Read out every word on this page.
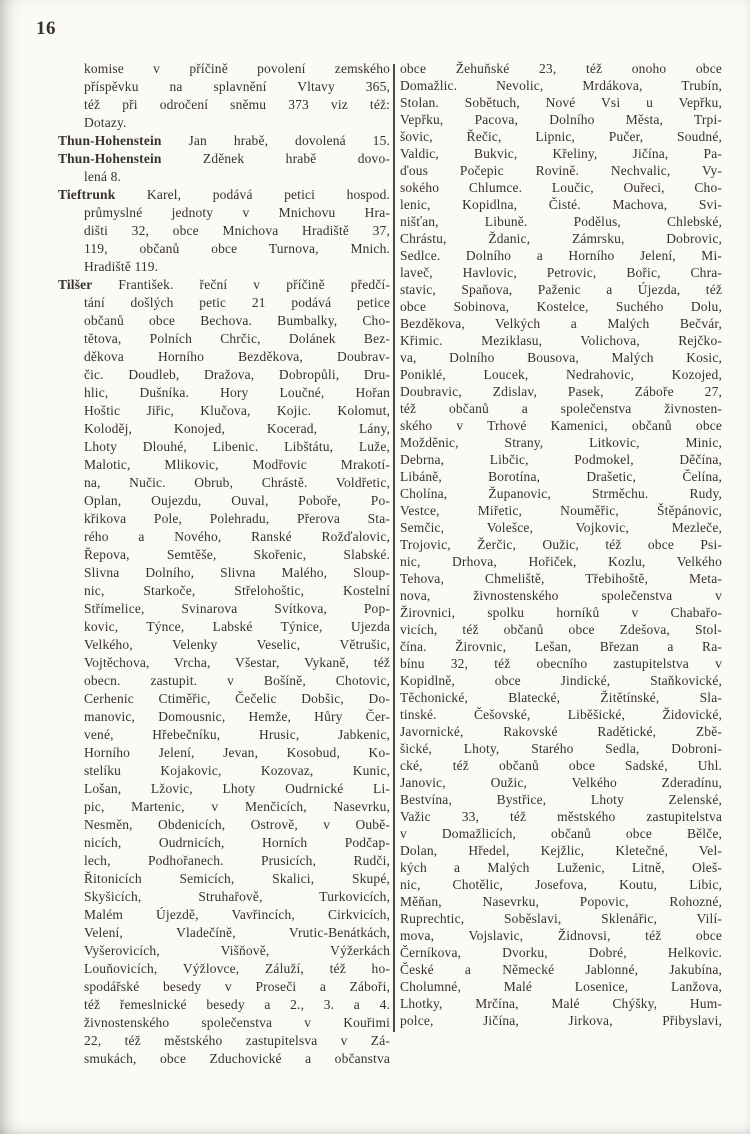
16
komise v příčině povolení zemského
příspěvku na splavnění Vltavy 365,
též při odročení sněmu 373 viz též:
Dotazy.
Thun-Hohenstein Jan hrabě, dovolená 15.
Thun-Hohenstein	Zděnek hrabě dovo-
lená 8.
Tieftrunk Karel, podává petici hospod.
průmyslné jednoty v Mnichovu Hra-
dišti 32, obce Mnichova Hradiště 37,
119, občanů obce Turnova, Mnich.
Hradiště 119.
Tilšer František. řeční v příčině předčí-
tání došlých petic 21 podává petice
občanů obce Bechova. Bumbalky, Cho-
tětova, Polních Chrčic, Dolánek Bez-
děkova Horního Bezděkova, Doubrav-
čic. Doudleb, Dražova, Dobropůli, Dru-
hlic, Dušníka. Hory Loučné, Hořan
Hoštic Jiřic, Klučova, Kojic. Kolomut,
Koloděj, Konojed, Kocerad, Lány,
Lhoty Dlouhé, Libenic. Libštátu, Luže,
Malotic, Mlikovic, Modřovic Mrakotí-
na, Nučic. Obrub, Chrástě. Voldřetic,
Oplan, Oujezdu, Ouval, Poboře, Po-
křikova Pole, Polehradu, Přerova Sta-
rého a Nového, Ranské Rožďalovic,
Řepova, Semtěše, Skořenic, Slabské.
Slivna Dolního, Slivna Malého, Sloup-
nic, Starkoče, Střelohoštic, Kostelní
Střímelice, Svinarova Svítkova, Pop-
kovic, Týnce, Labské Týnice, Ujezda
Velkého, Velenky Veselic, Větrušic,
Vojtěchova, Vrcha, Všestar, Vykaně, též
obecn. zastupit. v Bošíně, Chotovic,
Cerhenic Ctiměřic, Čečelic Dobšic, Do-
manovic, Domousnic, Hemže, Hůry Čer-
vené, Hřebečníku, Hrusic, Jabkenic,
Horního Jelení, Jevan, Kosobud, Ko-
stelíku Kojakovic, Kozovaz, Kunic,
Lošan, Lžovic, Lhoty Oudrnické Li-
pic, Martenic, v Menčicích, Nasevrku,
Nesměn, Obdenicích, Ostrově, v Oubě-
nicích, Oudrnicích, Horních Podčap-
lech, Podhořanech. Prusicích, Rudči,
Řitonicích Semicích, Skalici, Skupé,
Skyšicích, Struhařově, Turkovicích,
Malém Újezdě, Vavřincích, Cirkvicích,
Velení, Vladečíně, Vrutic-Benátkách,
Vyšerovicích, Višňově, Výžerkách
Louňovicích, Výžlovce, Záluží, též ho-
spodářské besedy v Proseči a Záboři,
též řemeslnické besedy a 2., 3. a 4.
živnostenského společenstva v Kouřimi
22, též městského zastupitelsva v Zá-
smukách, obce Zduchovické a občanstva
obce Žehuňské 23, též onoho obce
Domažlic. Nevolic, Mrdákova, Trubín,
Stolan. Sobětuch, Nové Vsi u Vepřku,
Vepřku, Pacova, Dolního Města, Trpi-
šovic, Řečic, Lipnic, Pučer, Soudné,
Valdic, Bukvic, Křeliny, Jičína, Pa-
ďous Počepic Rovině. Nechvalic, Vy-
sokého Chlumce. Loučic, Ouřeci, Cho-
lenic, Kopidlna, Čisté. Machova, Svi-
nišťan, Libuně. Podělus, Chlebské,
Chrástu, Ždanic, Zámrsku, Dobrovic,
Sedlce. Dolního a Horního Jelení, Mi-
laveč, Havlovic, Petrovic, Bořic, Chra-
stavic, Spaňova, Paženic a Újezda, též
obce Sobinova, Kostelce, Suchého Dolu,
Bezděkova, Velkých a Malých Bečvár,
Křimic. Meziklasu, Volichova, Rejčko-
va, Dolního Bousova, Malých Kosic,
Poniklé, Loucek, Nedrahovic, Kozojed,
Doubravic, Zdislav, Pasek, Záboře 27,
též občanů a společenstva živnosten-
ského v Trhové Kamenici, občanů obce
Možděnic, Strany, Litkovic, Minic,
Debrna, Libčic, Podmokel, Děčína,
Libáně, Borotína, Drašetic, Čelína,
Cholína, Županovic, Strměchu. Rudy,
Vestce, Miřetic, Nouměřic, Štěpánovic,
Semčic, Volešce, Vojkovic, Mezleče,
Trojovic, Žerčic, Oužic, též obce Psi-
nic, Drhova, Hořiček, Kozlu, Velkého
Tehova, Chmeliště, Třebihoště, Meta-
nova, živnostenského společenstva v
Žirovnici, spolku horníků v Chabařo-
vicích, též občanů obce Zdešova, Stol-
čína. Žirovnic, Lešan, Březan a Ra-
bínu 32, též obecního zastupitelstva v
Kopidlně, obce Jindické, Staňkovické,
Těchonické, Blatecké, Žitětínské, Sla-
tinské. Češovské, Liběšické, Židovické,
Javornické, Rakovské Radětické, Zbě-
šické, Lhoty, Starého Sedla, Dobroni-
cké, též občanů obce Sadské, Uhl.
Janovic, Oužic, Velkého Zderadínu,
Bestvína, Bystřice, Lhoty Zelenské,
Važic 33, též městského zastupitelstva
v Domažlicích, občanů obce Bělče,
Dolan, Hředel, Kejžlic, Kletečné, Vel-
kých a Malých Luženic, Litně, Oleš-
nic, Chotělic, Josefova, Koutu, Libic,
Měňan, Nasevrku, Popovic, Rohozné,
Ruprechtic, Soběslavi, Sklenářic, Vilí-
mova, Vojslavic, Židnovsi, též obce
Černíkova, Dvorku, Dobré, Helkovic.
České a Německé Jablonné, Jakubína,
Cholumné, Malé Losenice, Lanžova,
Lhotky, Mrčína, Malé Chýšky, Hum-
polce, Jičína, Jirkova, Přibyslavi,
